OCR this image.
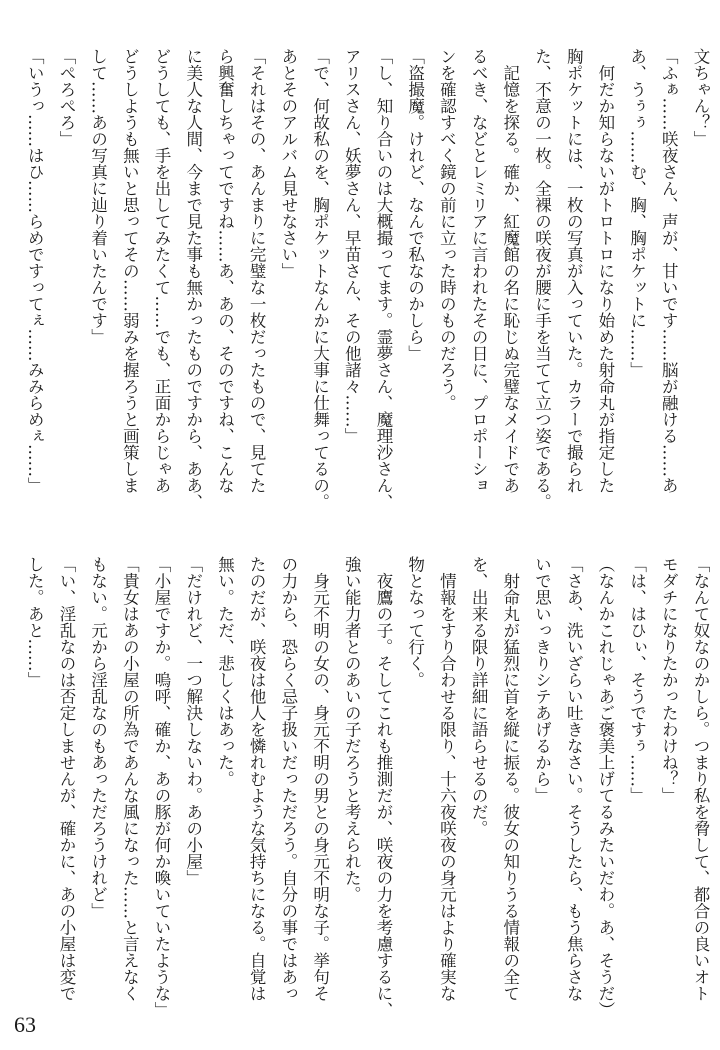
文ちゃん？」
「ふぁ……咲夜さん、声が、甘いです……脳が融ける……あ
あ、うぅぅ……む、胸、胸ポケットに……」
　何だか知らないがトロトロになり始めた射命丸が指定した
胸ポケットには、一枚の写真が入っていた。カラーで撮られ
た、不意の一枚。全裸の咲夜が腰に手を当てて立つ姿である。
　記憶を探る。確か、紅魔館の名に恥じぬ完璧なメイドであ
るべき、などとレミリアに言われたその日に、プロポーショ
ンを確認すべく鏡の前に立った時のものだろう。
「盗撮魔。けれど、なんで私なのかしら」
「し、知り合いのは大概撮ってます。霊夢さん、魔理沙さん、
アリスさん、妖夢さん、早苗さん、その他諸々……」
「で、何故私のを、胸ポケットなんかに大事に仕舞ってるの。
あとそのアルバム見せなさい」
「それはその、あんまりに完璧な一枚だったもので、見てた
ら興奮しちゃってですね……あ、あの、そのですね、こんな
に美人な人間、今まで見た事も無かったものですから、ああ、
どうしても、手を出してみたくて……でも、正面からじゃあ
どうしようも無いと思ってその……弱みを握ろうと画策しま
して……あの写真に辿り着いたんです」
「ぺろぺろ」
「いうっ……はひ……らめですってぇ……みみらめぇ……」
「なんて奴なのかしら。つまり私を脅して、都合の良いオト
モダチになりたかったわけね？」
「は、はひぃ、そうですぅ……」
（なんかこれじゃあご褒美上げてるみたいだわ。あ、そうだ）
「さあ、洗いざらい吐きなさい。そうしたら、もう焦らさな
いで思いっきりシテあげるから」
　射命丸が猛烈に首を縦に振る。彼女の知りうる情報の全て
を、出来る限り詳細に語らせるのだ。
　情報をすり合わせる限り、十六夜咲夜の身元はより確実な
物となって行く。
　夜鷹の子。そしてこれも推測だが、咲夜の力を考慮するに、
強い能力者とのあいの子だろうと考えられた。
　身元不明の女の、身元不明の男との身元不明な子。挙句そ
の力から、恐らく忌子扱いだっただろう。自分の事ではあっ
たのだが、咲夜は他人を憐れむような気持ちになる。自覚は
無い。ただ、悲しくはあった。
「だけれど、一つ解決しないわ。あの小屋」
「小屋ですか。嗚呼、確か、あの豚が何か喚いていたような」
「貴女はあの小屋の所為であんな風になった……と言えなく
もない。元から淫乱なのもあっただろうけれど」
「い、淫乱なのは否定しませんが、確かに、あの小屋は変で
した。あと……」
63
